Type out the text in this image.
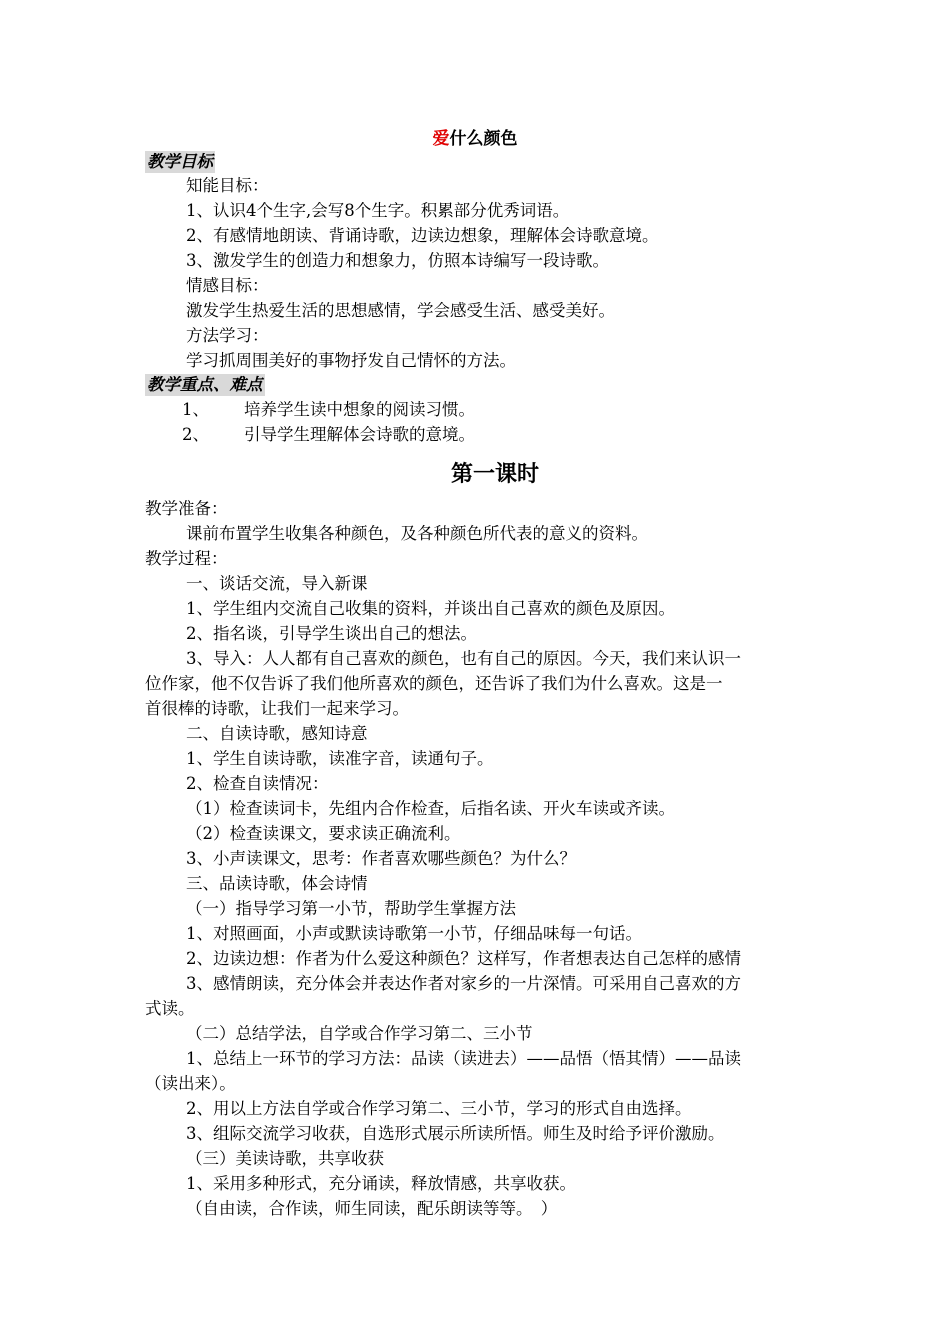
爱什么颜色
教学目标
知能目标：
1、认识4个生字,会写8个生字。积累部分优秀词语。
2、有感情地朗读、背诵诗歌，边读边想象，理解体会诗歌意境。
3、激发学生的创造力和想象力，仿照本诗编写一段诗歌。
情感目标：
激发学生热爱生活的思想感情，学会感受生活、感受美好。
方法学习：
学习抓周围美好的事物抒发自己情怀的方法。
教学重点、难点
1、 培养学生读中想象的阅读习惯。
2、 引导学生理解体会诗歌的意境。
第一课时
教学准备：
课前布置学生收集各种颜色，及各种颜色所代表的意义的资料。
教学过程：
一、谈话交流，导入新课
1、学生组内交流自己收集的资料，并谈出自己喜欢的颜色及原因。
2、指名谈，引导学生谈出自己的想法。
3、导入：人人都有自己喜欢的颜色，也有自己的原因。今天，我们来认识一
位作家，他不仅告诉了我们他所喜欢的颜色，还告诉了我们为什么喜欢。这是一
首很棒的诗歌，让我们一起来学习。
二、自读诗歌，感知诗意
1、学生自读诗歌，读准字音，读通句子。
2、检查自读情况：
（1）检查读词卡，先组内合作检查，后指名读、开火车读或齐读。
（2）检查读课文，要求读正确流利。
3、小声读课文，思考：作者喜欢哪些颜色？为什么？
三、品读诗歌，体会诗情
（一）指导学习第一小节，帮助学生掌握方法
1、对照画面，小声或默读诗歌第一小节，仔细品味每一句话。
2、边读边想：作者为什么爱这种颜色？这样写，作者想表达自己怎样的感情
3、感情朗读，充分体会并表达作者对家乡的一片深情。可采用自己喜欢的方
式读。
（二）总结学法，自学或合作学习第二、三小节
1、总结上一环节的学习方法：品读（读进去）——品悟（悟其情）——品读
（读出来）。
2、用以上方法自学或合作学习第二、三小节，学习的形式自由选择。
3、组际交流学习收获，自选形式展示所读所悟。师生及时给予评价激励。
（三）美读诗歌，共享收获
1、采用多种形式，充分诵读，释放情感，共享收获。
（自由读，合作读，师生同读，配乐朗读等等。　）
